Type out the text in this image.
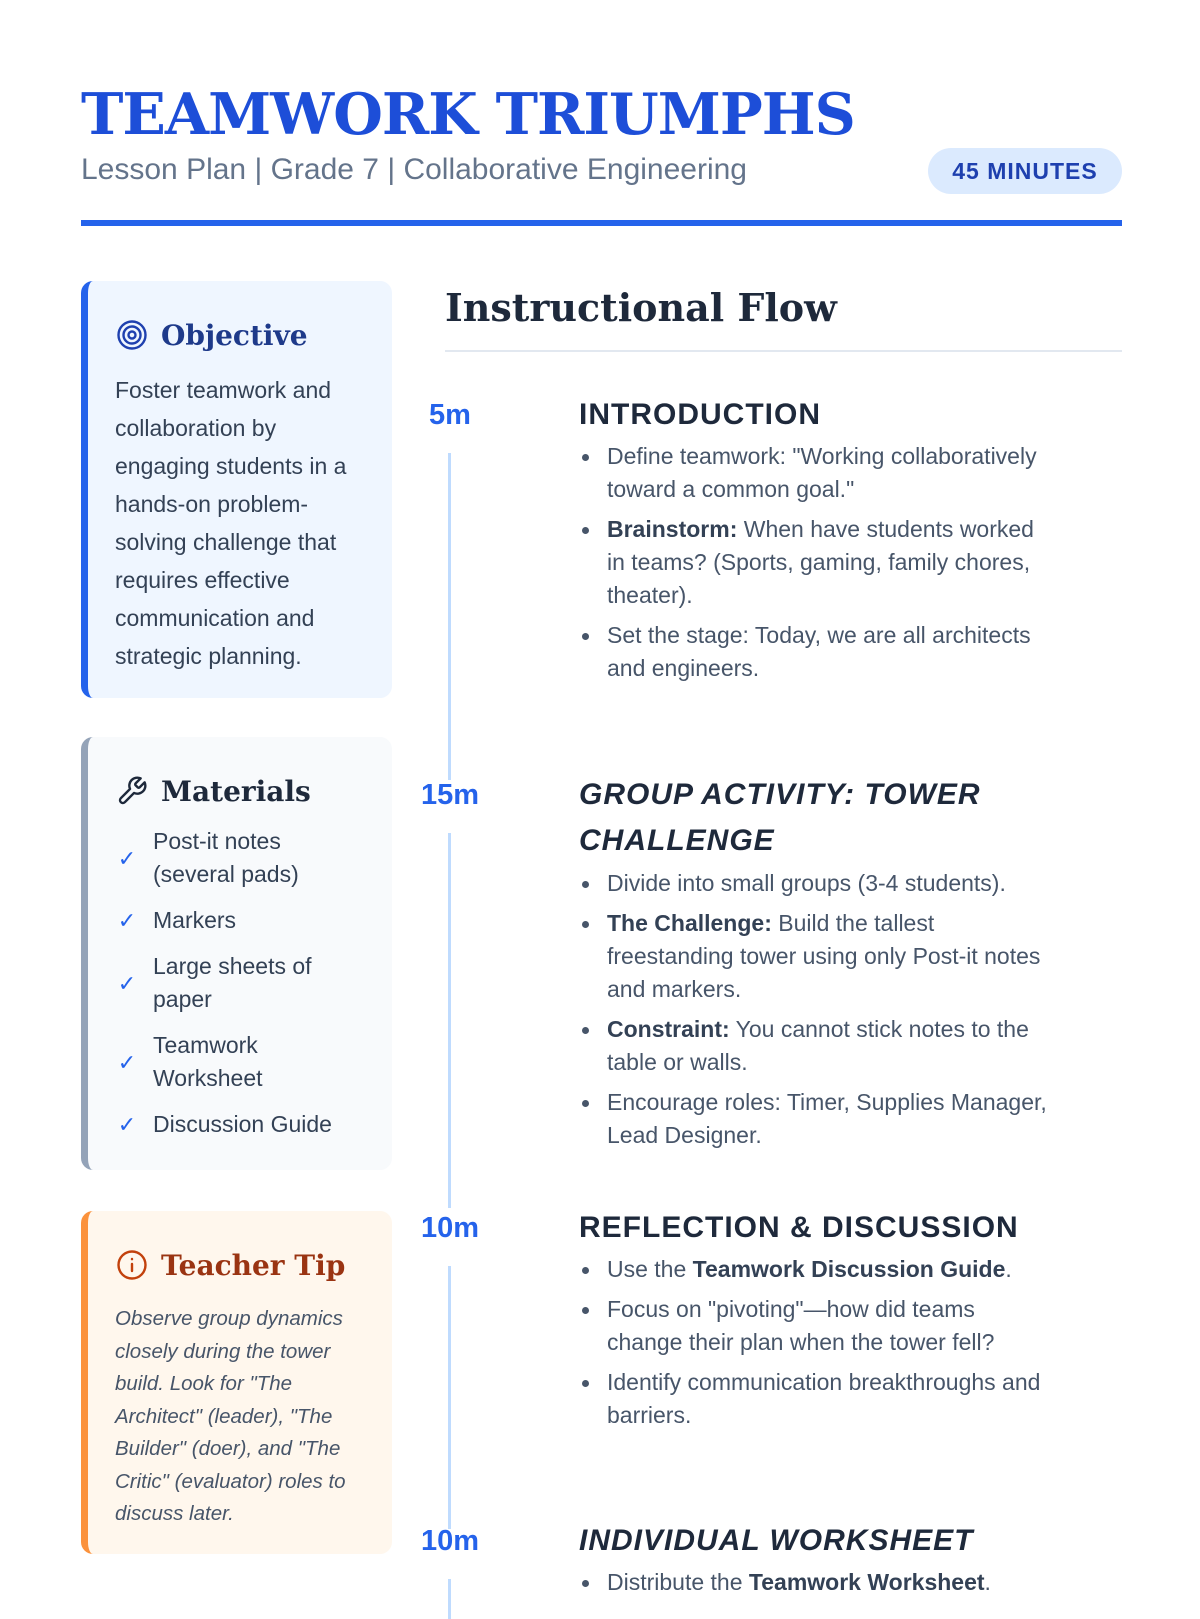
TEAMWORK TRIUMPHS
Lesson Plan | Grade 7 | Collaborative Engineering	45 MINUTES
Objective
Foster teamwork and collaboration by engaging students in a hands-on problem-solving challenge that requires effective communication and strategic planning.
Materials
✓
Post-it notes (several pads)
✓ Markers
✓
Large sheets of paper
✓
Teamwork Worksheet
✓ Discussion Guide
Teacher Tip
Observe group dynamics closely during the tower build. Look for "The Architect" (leader), "The Builder" (doer), and "The Critic" (evaluator) roles to discuss later.
Instructional Flow
5m	INTRODUCTION
Define teamwork: "Working collaboratively toward a common goal."
Brainstorm: When have students worked in teams? (Sports, gaming, family chores, theater).
Set the stage: Today, we are all architects and engineers.
15m	GROUP ACTIVITY: TOWER CHALLENGE
Divide into small groups (3-4 students).
The Challenge: Build the tallest freestanding tower using only Post-it notes and markers.
Constraint: You cannot stick notes to the table or walls.
Encourage roles: Timer, Supplies Manager, Lead Designer.
10m	REFLECTION & DISCUSSION
Use the Teamwork Discussion Guide.
Focus on "pivoting"—how did teams change their plan when the tower fell?
Identify communication breakthroughs and barriers.
10m	INDIVIDUAL WORKSHEET
Distribute the Teamwork Worksheet.
